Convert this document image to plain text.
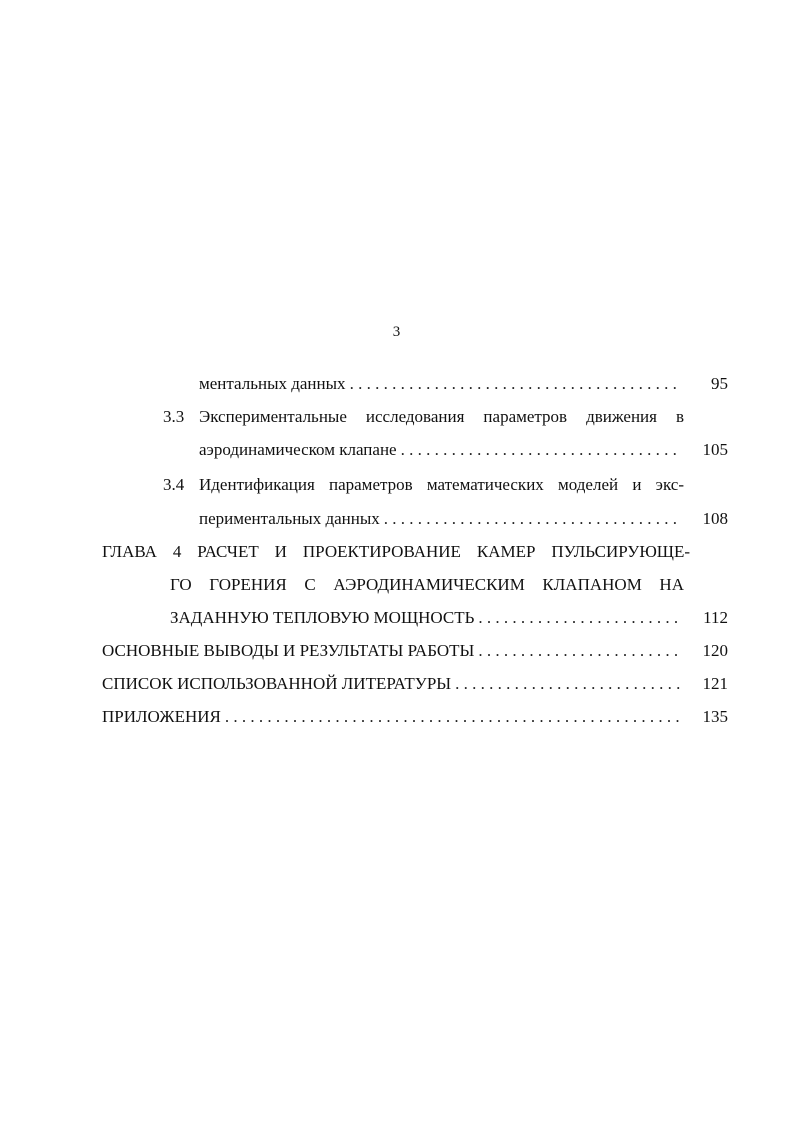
3
ментальных данных . . .	95
3.3 Экспериментальные исследования параметров движения в
аэродинамическом клапане . . .	105
3.4 Идентификация параметров математических моделей и экс-
периментальных данных . . .	108
ГЛАВА 4 РАСЧЕТ И ПРОЕКТИРОВАНИЕ КАМЕР ПУЛЬСИРУЮЩЕ-
ГО ГОРЕНИЯ С АЭРОДИНАМИЧЕСКИМ КЛАПАНОМ НА
ЗАДАННУЮ ТЕПЛОВУЮ МОЩНОСТЬ . . .	112
ОСНОВНЫЕ ВЫВОДЫ И РЕЗУЛЬТАТЫ РАБОТЫ . . .	120
СПИСОК ИСПОЛЬЗОВАННОЙ ЛИТЕРАТУРЫ . . .	121
ПРИЛОЖЕНИЯ . . .	135
